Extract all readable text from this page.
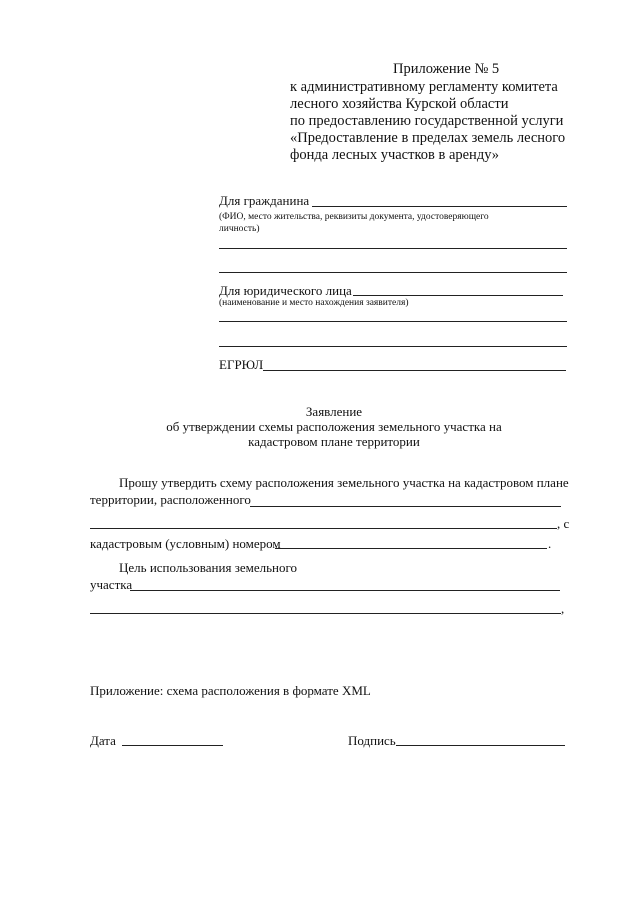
Приложение № 5
к административному регламенту комитета
лесного хозяйства Курской области
по предоставлению государственной услуги
«Предоставление в пределах земель лесного
фонда лесных участков в аренду»
Для гражданина
(ФИО, место жительства, реквизиты документа, удостоверяющего
личность)
Для юридического лица
(наименование и место нахождения заявителя)
ЕГРЮЛ
Заявление
об утверждении схемы расположения земельного участка на
кадастровом плане территории
Прошу утвердить схему расположения земельного участка на кадастровом плане
территории, расположенного
, с
кадастровым (условным) номером	.
Цель использования земельного
участка
,
Приложение: схема расположения в формате XML
Дата	Подпись
